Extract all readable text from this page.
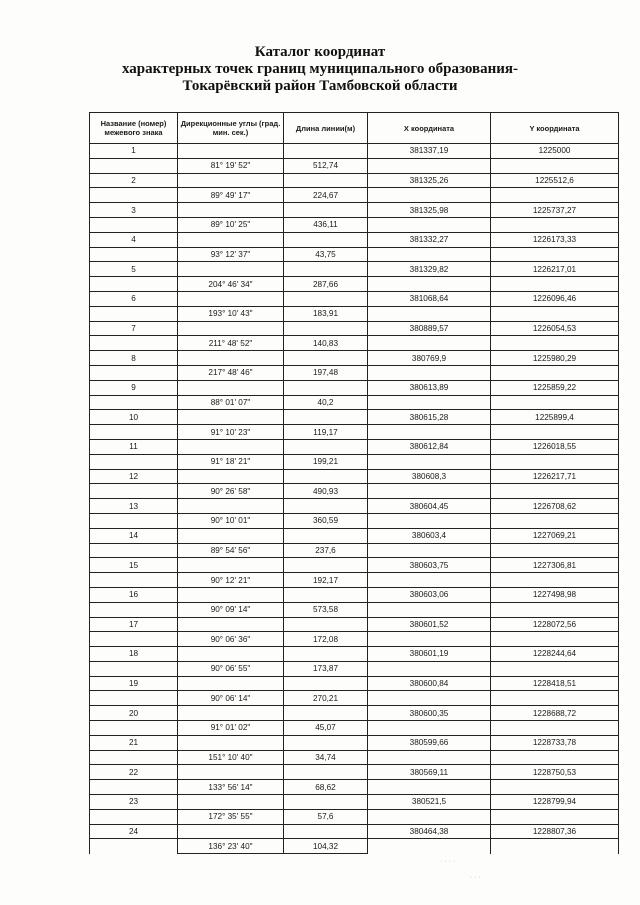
Каталог координат
характерных точек границ муниципального образования-
Токарёвский район Тамбовской области
Название (номер) межевого знака	Дирекционные углы (град. мин. сек.)	Длина линии(м)	X координата	Y координата
1			381337,19	1225000
	81° 19' 52"	512,74		
2			381325,26	1225512,6
	89° 49' 17"	224,67		
3			381325,98	1225737,27
	89° 10' 25"	436,11		
4			381332,27	1226173,33
	93° 12' 37"	43,75		
5			381329,82	1226217,01
	204° 46' 34"	287,66		
6			381068,64	1226096,46
	193° 10' 43"	183,91		
7			380889,57	1226054,53
	211° 48' 52"	140,83		
8			380769,9	1225980,29
	217° 48' 46"	197,48		
9			380613,89	1225859,22
	88° 01' 07"	40,2		
10			380615,28	1225899,4
	91° 10' 23"	119,17		
11			380612,84	1226018,55
	91° 18' 21"	199,21		
12			380608,3	1226217,71
	90° 26' 58"	490,93		
13			380604,45	1226708,62
	90° 10' 01"	360,59		
14			380603,4	1227069,21
	89° 54' 56"	237,6		
15			380603,75	1227306,81
	90° 12' 21"	192,17		
16			380603,06	1227498,98
	90° 09' 14"	573,58		
17			380601,52	1228072,56
	90° 06' 36"	172,08		
18			380601,19	1228244,64
	90° 06' 55"	173,87		
19			380600,84	1228418,51
	90° 06' 14"	270,21		
20			380600,35	1228688,72
	91° 01' 02"	45,07		
21			380599,66	1228733,78
	151° 10' 40"	34,74		
22			380569,11	1228750,53
	133° 56' 14"	68,62		
23			380521,5	1228799,94
	172° 35' 55"	57,6		
24			380464,38	1228807,36
	136° 23' 40"	104,32		
· · · ·
· · ·
